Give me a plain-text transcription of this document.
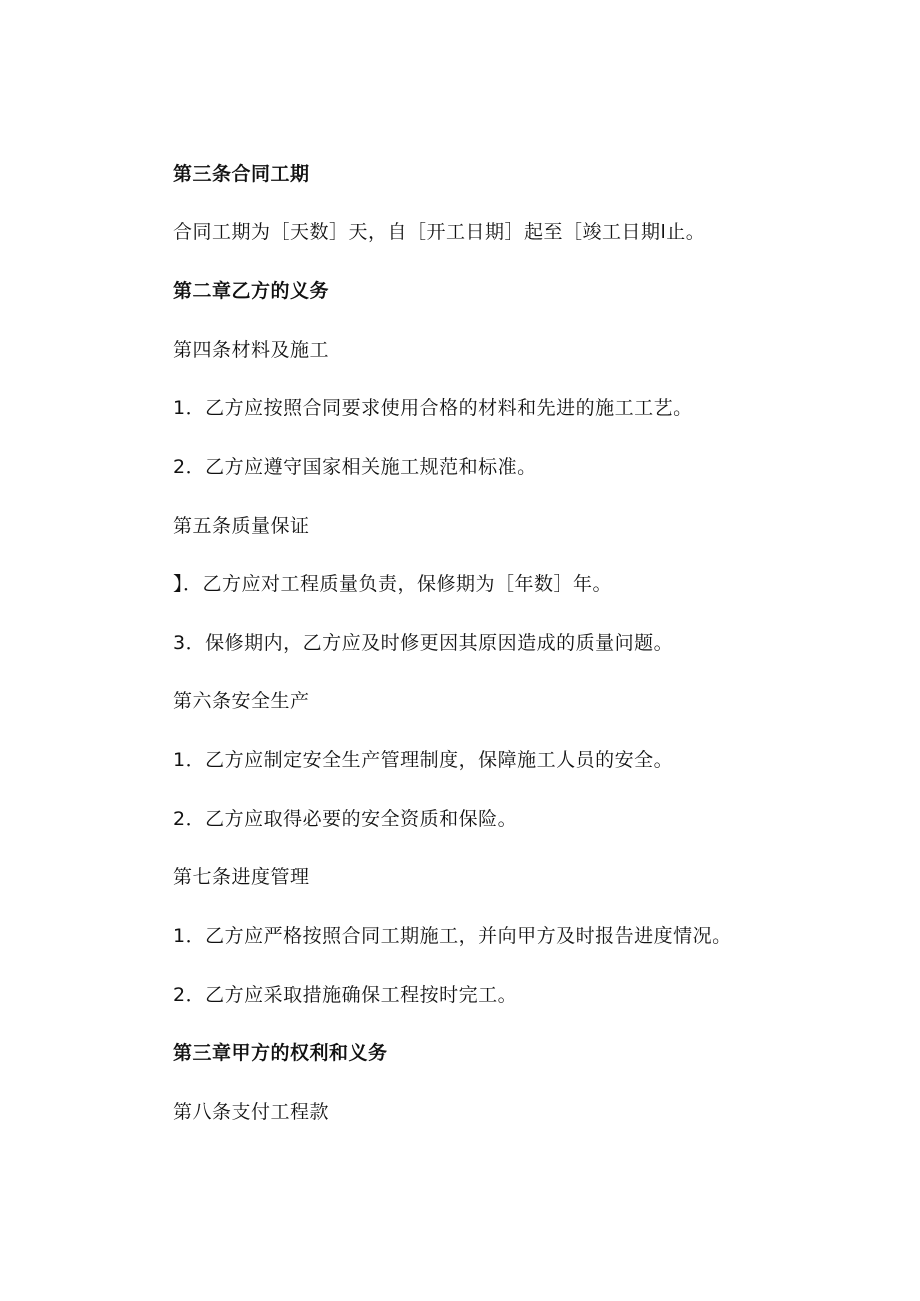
第三条合同工期
合同工期为［天数］天，自［开工日期］起至［竣工日期l止。
第二章乙方的义务
第四条材料及施工
1．乙方应按照合同要求使用合格的材料和先进的施工工艺。
2．乙方应遵守国家相关施工规范和标准。
第五条质量保证
】．乙方应对工程质量负责，保修期为［年数］年。
3．保修期内，乙方应及时修更因其原因造成的质量问题。
第六条安全生产
1．乙方应制定安全生产管理制度，保障施工人员的安全。
2．乙方应取得必要的安全资质和保险。
第七条进度管理
1．乙方应严格按照合同工期施工，并向甲方及时报告进度情况。
2．乙方应采取措施确保工程按时完工。
第三章甲方的权利和义务
第八条支付工程款
